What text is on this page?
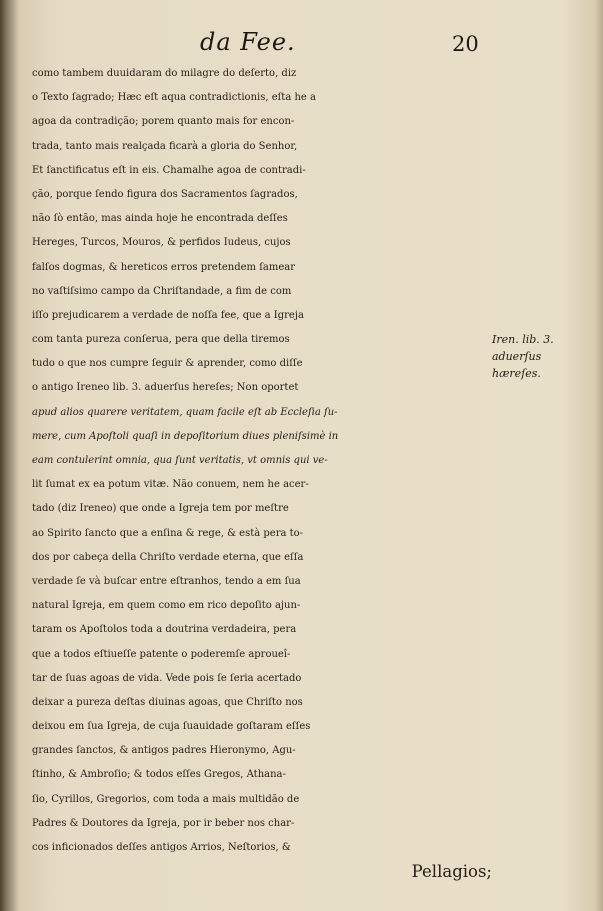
da Fee.	20
como tambem duuidaram do milagre do deſerto, diz
o Texto ſagrado; Hæc eſt aqua contradictionis, eſta he a
agoa da contradição; porem quanto mais for encon-
trada, tanto mais realçada ficarà a gloria do Senhor,
Et ſanctificatus eſt in eis. Chamalhe agoa de contradi-
ção, porque ſendo figura dos Sacramentos ſagrados,
não ſò então, mas ainda hoje he encontrada deſſes
Hereges, Turcos, Mouros, & perfidos Iudeus, cujos
falſos dogmas, & hereticos erros pretendem ſamear
no vaſtiſsimo campo da Chriſtandade, a fim de com
iſſo prejudicarem a verdade de noſſa fee, que a Igreja
com tanta pureza conſerua, pera que della tiremos
tudo o que nos cumpre ſeguir & aprender, como diſſe
o antigo Ireneo lib. 3. aduerſus hereſes; Non oportet
apud alios quarere veritatem, quam facile eſt ab Eccleſia ſu-
mere, cum Apoſtoli quaſi in depoſitorium diues pleniſsimè in
eam contulerint omnia, qua ſunt veritatis, vt omnis qui ve-
lit ſumat ex ea potum vitæ. Não conuem, nem he acer-
tado (diz Ireneo) que onde a Igreja tem por meſtre
ao Spirito ſancto que a enſina & rege, & està pera to-
dos por cabeça della Chriſto verdade eterna, que eſſa
verdade ſe và buſcar entre eſtranhos, tendo a em ſua
natural Igreja, em quem como em rico depoſito ajun-
taram os Apoſtolos toda a doutrina verdadeira, pera
que a todos eſtiueſſe patente o poderemſe aproueî-
tar de ſuas agoas de vida. Vede pois ſe ſeria acertado
deixar a pureza deſtas diuinas agoas, que Chriſto nos
deixou em ſua Igreja, de cuja ſuauidade goſtaram eſſes
grandes ſanctos, & antigos padres Hieronymo, Agu-
ſtinho, & Ambroſio; & todos eſſes Gregos, Athana-
ſio, Cyrillos, Gregorios, com toda a mais multidão de
Padres & Doutores da Igreja, por ir beber nos char-
cos inficionados deſſes antigos Arrios, Neſtorios, &
Pellagios;
Iren. lib. 3.
aduerſus
hæreſes.
